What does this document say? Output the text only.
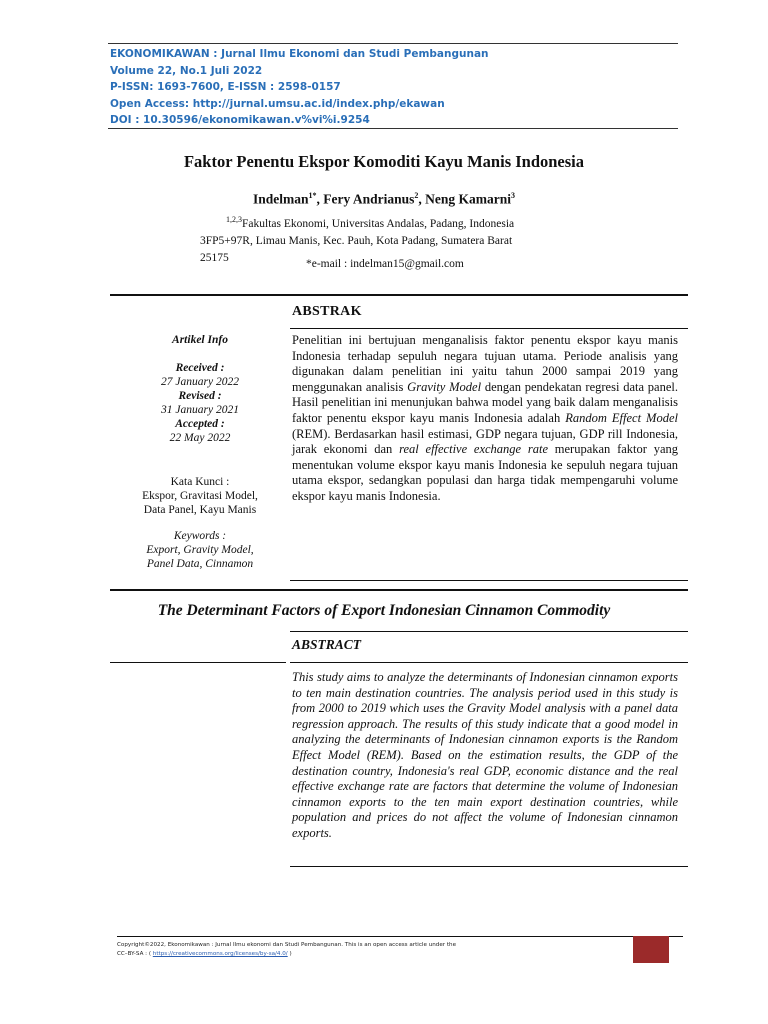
EKONOMIKAWAN : Jurnal Ilmu Ekonomi dan Studi Pembangunan
Volume 22, No.1 Juli 2022
P-ISSN: 1693-7600, E-ISSN : 2598-0157
Open Access: http://jurnal.umsu.ac.id/index.php/ekawan
DOI : 10.30596/ekonomikawan.v%vi%i.9254
Faktor Penentu Ekspor Komoditi Kayu Manis Indonesia
Indelman$^{1*}$, Fery Andrianus$^2$, Neng Kamarni$^3$
$^{1,2,3}$Fakultas Ekonomi, Universitas Andalas, Padang, Indonesia
3FP5+97R, Limau Manis, Kec. Pauh, Kota Padang, Sumatera Barat
25175
*e-mail : indelman15@gmail.com
ABSTRAK
Artikel Info
Received :
27 January 2022
Revised :
31 January 2021
Accepted :
22 May 2022
Kata Kunci :
Ekspor, Gravitasi Model,
Data Panel, Kayu Manis
Keywords :
Export, Gravity Model,
Panel Data, Cinnamon
Penelitian ini bertujuan menganalisis faktor penentu ekspor kayu manis Indonesia terhadap sepuluh negara tujuan utama. Periode analisis yang digunakan dalam penelitian ini yaitu tahun 2000 sampai 2019 yang menggunakan analisis Gravity Model dengan pendekatan regresi data panel. Hasil penelitian ini menunjukan bahwa model yang baik dalam menganalisis faktor penentu ekspor kayu manis Indonesia adalah Random Effect Model (REM). Berdasarkan hasil estimasi, GDP negara tujuan, GDP rill Indonesia, jarak ekonomi dan real effective exchange rate merupakan faktor yang menentukan volume ekspor kayu manis Indonesia ke sepuluh negara tujuan utama ekspor, sedangkan populasi dan harga tidak mempengaruhi volume ekspor kayu manis Indonesia.
The Determinant Factors of Export Indonesian Cinnamon Commodity
ABSTRACT
This study aims to analyze the determinants of Indonesian cinnamon exports to ten main destination countries. The analysis period used in this study is from 2000 to 2019 which uses the Gravity Model analysis with a panel data regression approach. The results of this study indicate that a good model in analyzing the determinants of Indonesian cinnamon exports is the Random Effect Model (REM). Based on the estimation results, the GDP of the destination country, Indonesia's real GDP, economic distance and the real effective exchange rate are factors that determine the volume of Indonesian cinnamon exports to the ten main export destination countries, while population and prices do not affect the volume of Indonesian cinnamon exports.
Copyright©2022, Ekonomikawan : Jurnal Ilmu ekonomi dan Studi Pembangunan. This is an open access article under the
CC–BY-SA : ( https://creativecommons.org/licenses/by-sa/4.0/ )
